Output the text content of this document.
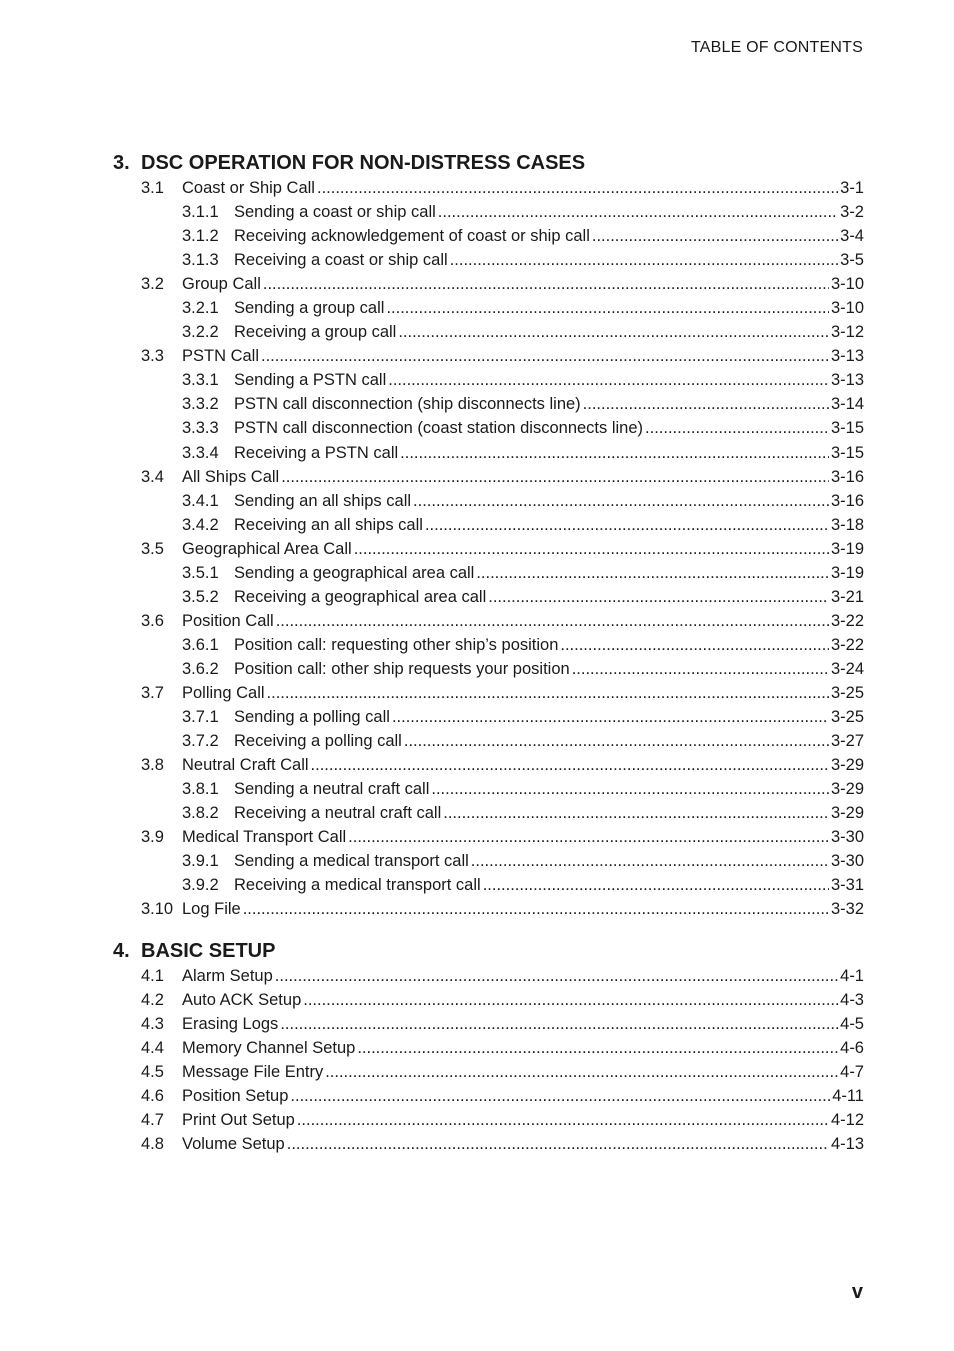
TABLE OF CONTENTS
3. DSC OPERATION FOR NON-DISTRESS CASES
3.1	Coast or Ship Call .....	3-1
3.1.1 Sending a coast or ship call .....	3-2
3.1.2 Receiving acknowledgement of coast or ship call .....	3-4
3.1.3 Receiving a coast or ship call .....	3-5
3.2	Group Call .....	3-10
3.2.1 Sending a group call .....	3-10
3.2.2 Receiving a group call .....	3-12
3.3	PSTN Call .....	3-13
3.3.1 Sending a PSTN call .....	3-13
3.3.2 PSTN call disconnection (ship disconnects line) .....	3-14
3.3.3 PSTN call disconnection (coast station disconnects line) .....	3-15
3.3.4 Receiving a PSTN call .....	3-15
3.4	All Ships Call .....	3-16
3.4.1 Sending an all ships call .....	3-16
3.4.2 Receiving an all ships call .....	3-18
3.5	Geographical Area Call .....	3-19
3.5.1 Sending a geographical area call .....	3-19
3.5.2 Receiving a geographical area call .....	3-21
3.6	Position Call .....	3-22
3.6.1 Position call: requesting other ship’s position .....	3-22
3.6.2 Position call: other ship requests your position .....	3-24
3.7	Polling Call .....	3-25
3.7.1 Sending a polling call .....	3-25
3.7.2 Receiving a polling call .....	3-27
3.8	Neutral Craft Call .....	3-29
3.8.1 Sending a neutral craft call .....	3-29
3.8.2 Receiving a neutral craft call .....	3-29
3.9	Medical Transport Call .....	3-30
3.9.1 Sending a medical transport call .....	3-30
3.9.2 Receiving a medical transport call .....	3-31
3.10 Log File .....	3-32
4. BASIC SETUP
4.1	Alarm Setup .....	4-1
4.2	Auto ACK Setup .....	4-3
4.3	Erasing Logs .....	4-5
4.4	Memory Channel Setup .....	4-6
4.5	Message File Entry .....	4-7
4.6	Position Setup .....	4-11
4.7	Print Out Setup .....	4-12
4.8	Volume Setup .....	4-13
v
